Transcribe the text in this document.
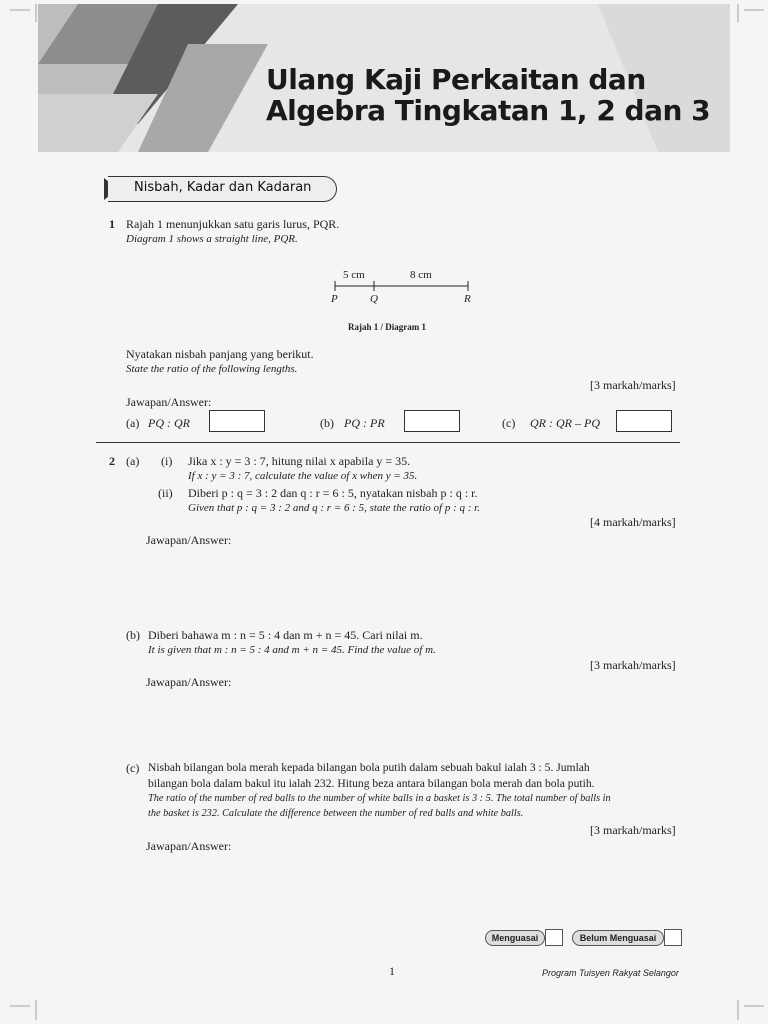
Ulang Kaji Perkaitan dan
Algebra Tingkatan 1, 2 dan 3
Nisbah, Kadar dan Kadaran
1 Rajah 1 menunjukkan satu garis lurus, PQR.
Diagram 1 shows a straight line, PQR.
5 cm	8 cm
P	Q	R
Rajah 1 / Diagram 1
Nyatakan nisbah panjang yang berikut.
State the ratio of the following lengths.
[3 markah/marks]
Jawapan/Answer:
(a) PQ : QR	(b) PQ : PR	(c) QR : QR – PQ
2 (a) (i) Jika x : y = 3 : 7, hitung nilai x apabila y = 35.
If x : y = 3 : 7, calculate the value of x when y = 35.
(ii) Diberi p : q = 3 : 2 dan q : r = 6 : 5, nyatakan nisbah p : q : r.
Given that p : q = 3 : 2 and q : r = 6 : 5, state the ratio of p : q : r.
[4 markah/marks]
Jawapan/Answer:
(b) Diberi bahawa m : n = 5 : 4 dan m + n = 45. Cari nilai m.
It is given that m : n = 5 : 4 and m + n = 45. Find the value of m.
[3 markah/marks]
Jawapan/Answer:
(c) Nisbah bilangan bola merah kepada bilangan bola putih dalam sebuah bakul ialah 3 : 5. Jumlah
bilangan bola dalam bakul itu ialah 232. Hitung beza antara bilangan bola merah dan bola putih.
The ratio of the number of red balls to the number of white balls in a basket is 3 : 5. The total number of balls in
the basket is 232. Calculate the difference between the number of red balls and white balls.
[3 markah/marks]
Jawapan/Answer:
Menguasai	Belum Menguasai
1	Program Tuisyen Rakyat Selangor
